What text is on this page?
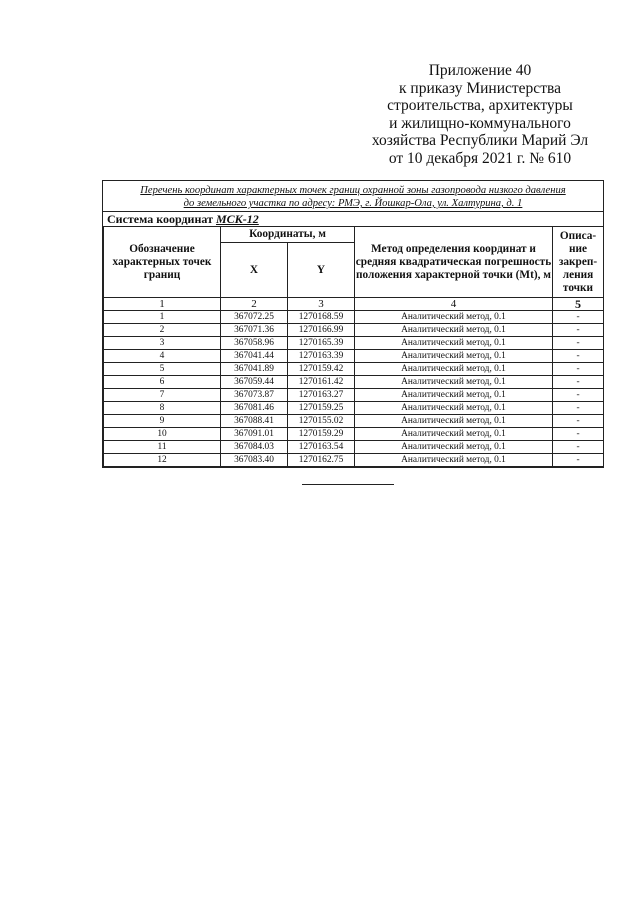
Приложение 40
к приказу Министерства
строительства, архитектуры
и жилищно-коммунального
хозяйства Республики Марий Эл
от 10 декабря 2021 г. № 610
Перечень координат характерных точек границ охранной зоны газопровода низкого давления
до земельного участка по адресу: РМЭ, г. Йошкар-Ола, ул. Халтурина, д. 1
Система координат МСК-12
Обозначение характерных точек границ	Координаты, м		Метод определения координат и средняя квадратическая погрешность положения характерной точки (Mt), м	Описа-ние закреп-ления точки
	X	Y		
1	2	3	4	5
1	367072.25	1270168.59	Аналитический метод, 0.1	-
2	367071.36	1270166.99	Аналитический метод, 0.1	-
3	367058.96	1270165.39	Аналитический метод, 0.1	-
4	367041.44	1270163.39	Аналитический метод, 0.1	-
5	367041.89	1270159.42	Аналитический метод, 0.1	-
6	367059.44	1270161.42	Аналитический метод, 0.1	-
7	367073.87	1270163.27	Аналитический метод, 0.1	-
8	367081.46	1270159.25	Аналитический метод, 0.1	-
9	367088.41	1270155.02	Аналитический метод, 0.1	-
10	367091.01	1270159.29	Аналитический метод, 0.1	-
11	367084.03	1270163.54	Аналитический метод, 0.1	-
12	367083.40	1270162.75	Аналитический метод, 0.1	-
